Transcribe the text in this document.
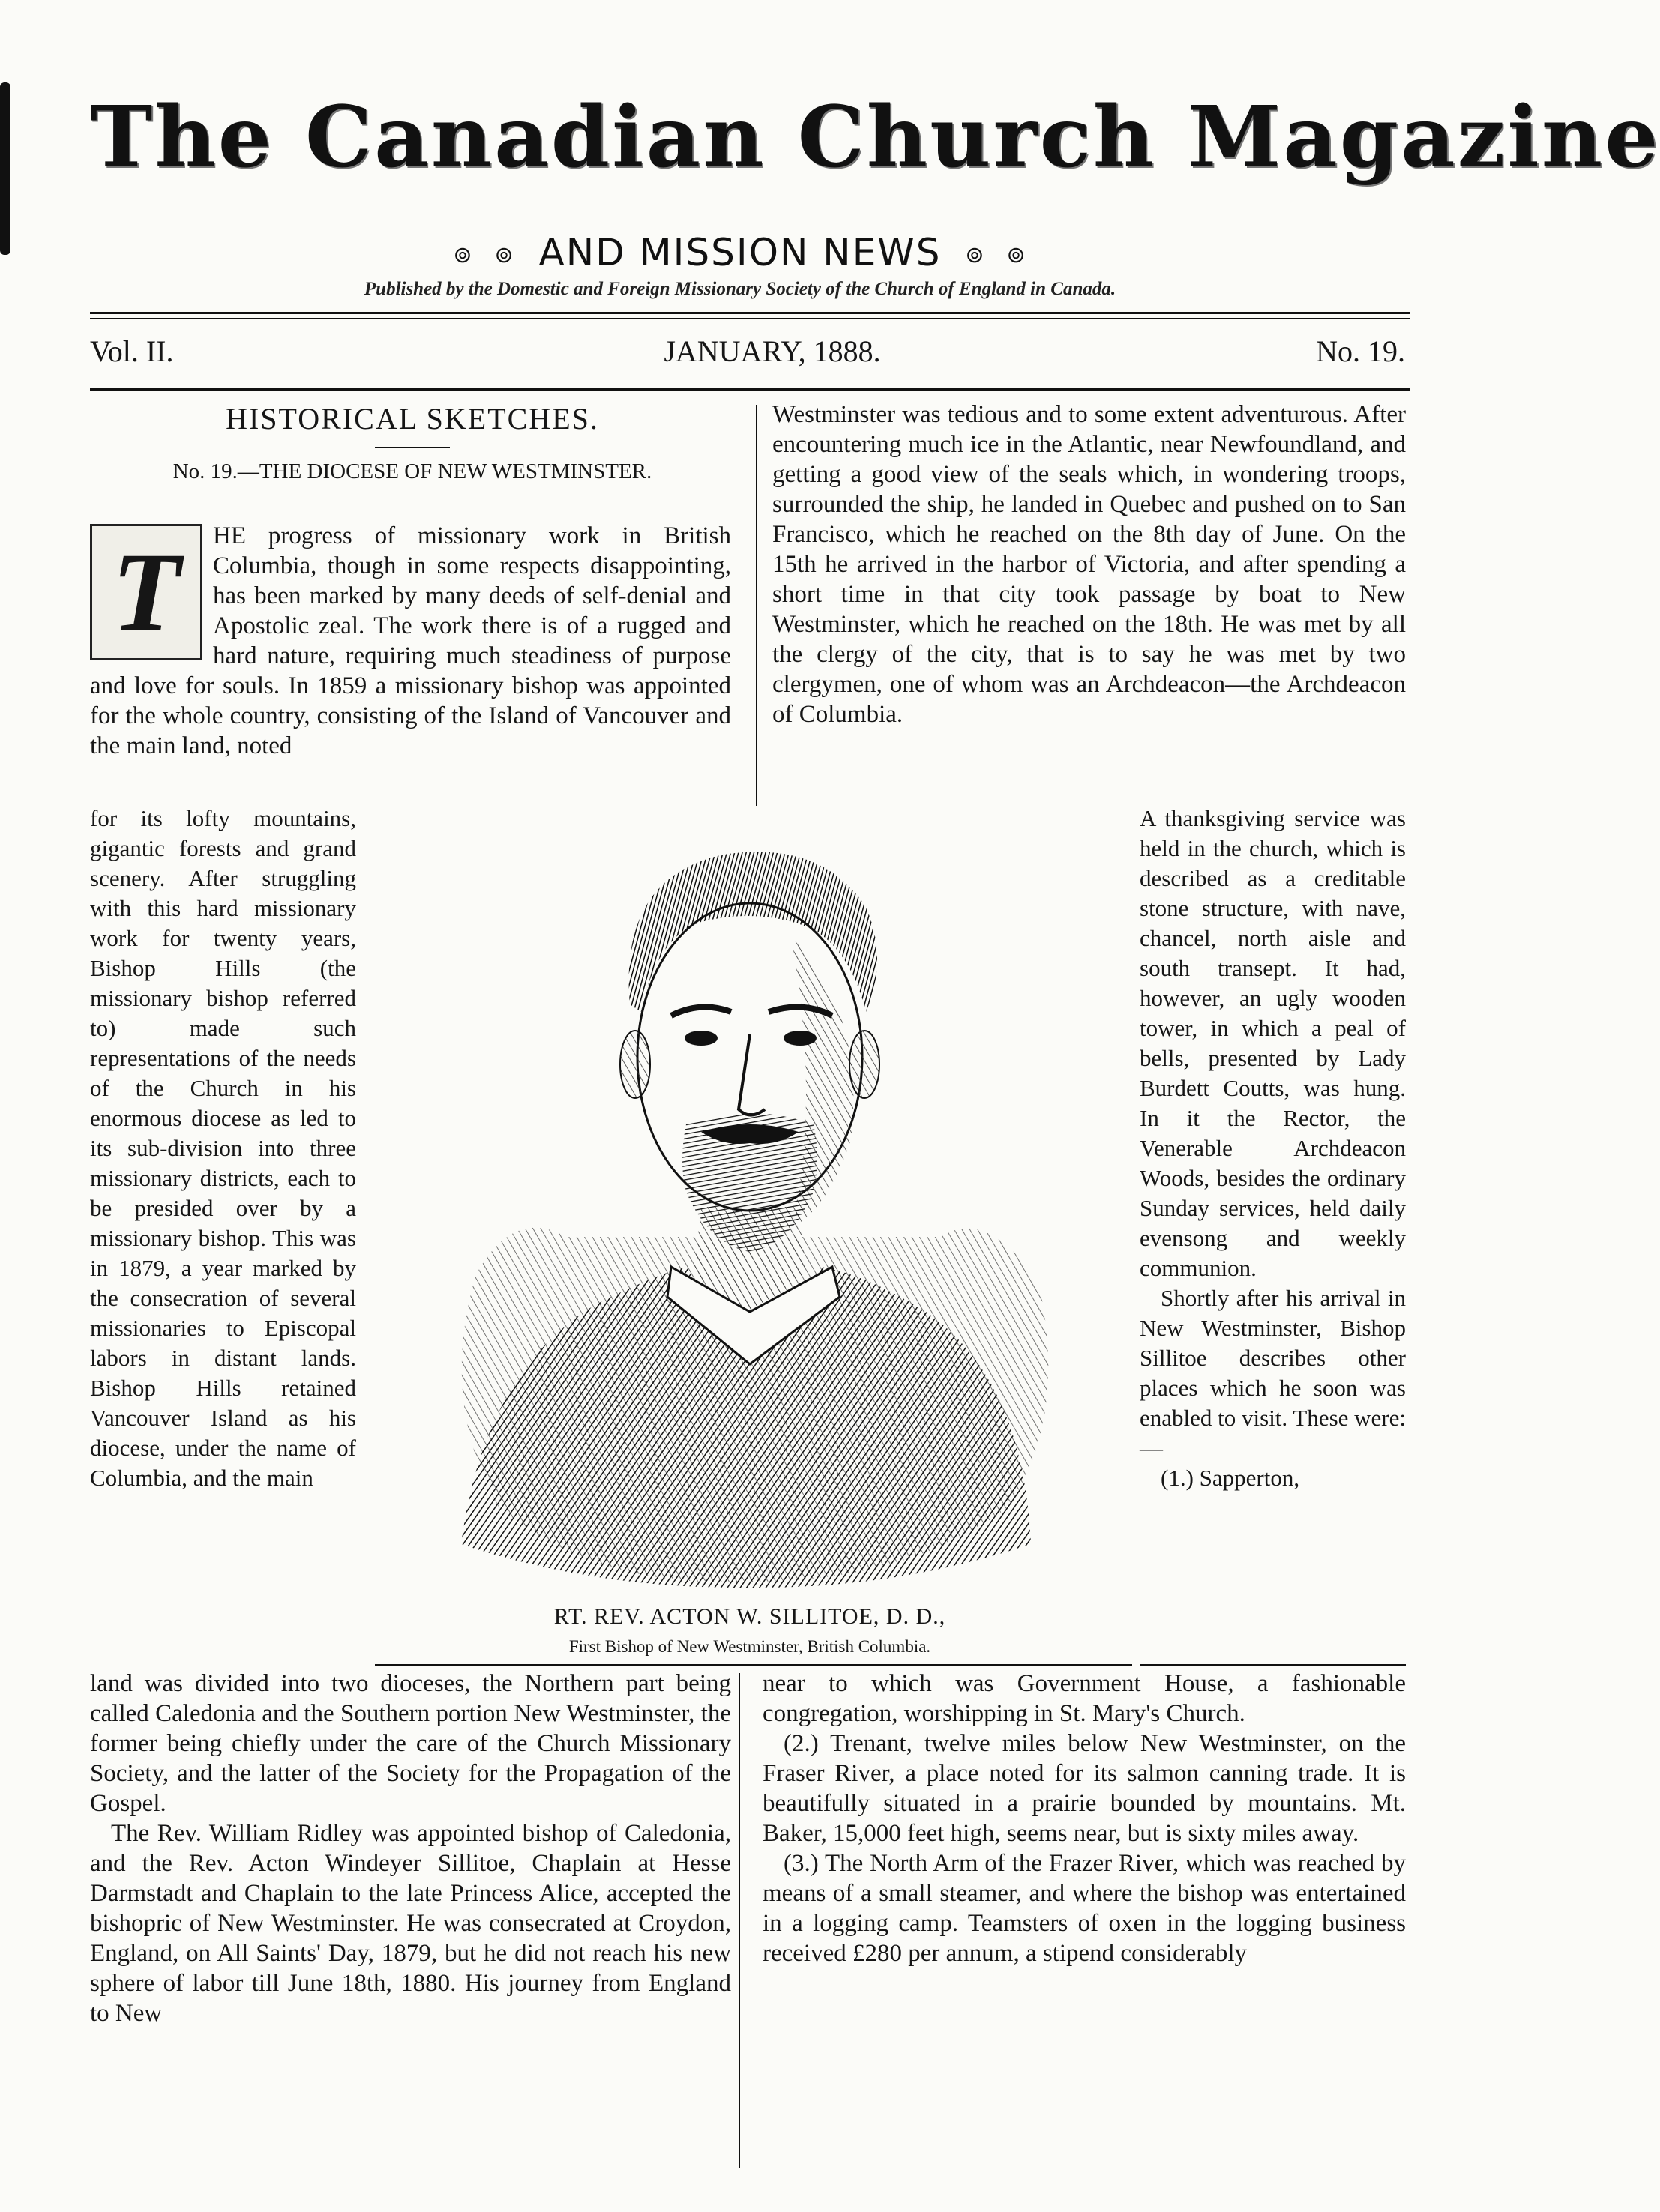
The Canadian Church Magazine
⊚ ⊚ AND MISSION NEWS ⊚ ⊚
Published by the Domestic and Foreign Missionary Society of the Church of England in Canada.
Vol. II.	JANUARY, 1888.	No. 19.
HISTORICAL SKETCHES.
No. 19.—THE DIOCESE OF NEW WESTMINSTER.
T	HE progress of missionary work in British Columbia, though in some respects disappointing, has been marked by many deeds of self-denial and Apostolic zeal. The work there is of a rugged and hard nature, requiring much steadiness of purpose and love for souls. In 1859 a missionary bishop was appointed for the whole country, consisting of the Island of Vancouver and the main land, noted

Westminster was tedious and to some extent adventurous. After encountering much ice in the Atlantic, near Newfoundland, and getting a good view of the seals which, in wondering troops, surrounded the ship, he landed in Quebec and pushed on to San Francisco, which he reached on the 8th day of June. On the 15th he arrived in the harbor of Victoria, and after spending a short time in that city took passage by boat to New Westminster, which he reached on the 18th. He was met by all the clergy of the city, that is to say he was met by two clergymen, one of whom was an Archdeacon—the Archdeacon of Columbia.

for its lofty mountains, gigantic forests and grand scenery. After struggling with this hard missionary work for twenty years, Bishop Hills (the missionary bishop referred to) made such representations of the needs of the Church in his enormous diocese as led to its sub-division into three missionary districts, each to be presided over by a missionary bishop. This was in 1879, a year marked by the consecration of several missionaries to Episcopal labors in distant lands. Bishop Hills retained Vancouver Island as his diocese, under the name of Columbia, and the main

A thanksgiving service was held in the church, which is described as a creditable stone structure, with nave, chancel, north aisle and south transept. It had, however, an ugly wooden tower, in which a peal of bells, presented by Lady Burdett Coutts, was hung. In it the Rector, the Venerable Archdeacon Woods, besides the ordinary Sunday services, held daily evensong and weekly communion.

Shortly after his arrival in New Westminster, Bishop Sillitoe describes other places which he soon was enabled to visit. These were:—

(1.) Sapperton,

RT. REV. ACTON W. SILLITOE, D. D.,
First Bishop of New Westminster, British Columbia.

land was divided into two dioceses, the Northern part being called Caledonia and the Southern portion New Westminster, the former being chiefly under the care of the Church Missionary Society, and the latter of the Society for the Propagation of the Gospel.

The Rev. William Ridley was appointed bishop of Caledonia, and the Rev. Acton Windeyer Sillitoe, Chaplain at Hesse Darmstadt and Chaplain to the late Princess Alice, accepted the bishopric of New Westminster. He was consecrated at Croydon, England, on All Saints' Day, 1879, but he did not reach his new sphere of labor till June 18th, 1880. His journey from England to New

near to which was Government House, a fashionable congregation, worshipping in St. Mary's Church.

(2.) Trenant, twelve miles below New Westminster, on the Fraser River, a place noted for its salmon canning trade. It is beautifully situated in a prairie bounded by mountains. Mt. Baker, 15,000 feet high, seems near, but is sixty miles away.

(3.) The North Arm of the Frazer River, which was reached by means of a small steamer, and where the bishop was entertained in a logging camp. Teamsters of oxen in the logging business received £280 per annum, a stipend considerably
